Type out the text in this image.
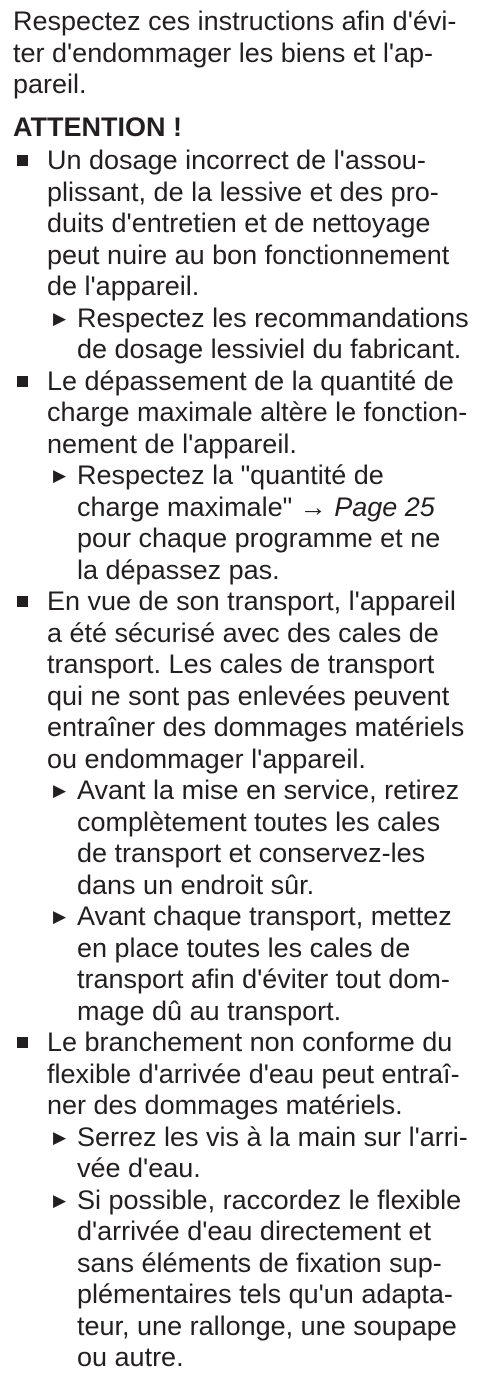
Respectez ces instructions afin d'évi-
ter d'endommager les biens et l'ap-
pareil.

ATTENTION !

Un dosage incorrect de l'assou-
plissant, de la lessive et des pro-
duits d'entretien et de nettoyage
peut nuire au bon fonctionnement
de l'appareil.
▶ Respectez les recommandations
de dosage lessiviel du fabricant.
Le dépassement de la quantité de
charge maximale altère le fonction-
nement de l'appareil.
▶ Respectez la "quantité de
charge maximale" → Page 25
pour chaque programme et ne
la dépassez pas.
En vue de son transport, l'appareil
a été sécurisé avec des cales de
transport. Les cales de transport
qui ne sont pas enlevées peuvent
entraîner des dommages matériels
ou endommager l'appareil.
▶ Avant la mise en service, retirez
complètement toutes les cales
de transport et conservez-les
dans un endroit sûr.
▶ Avant chaque transport, mettez
en place toutes les cales de
transport afin d'éviter tout dom-
mage dû au transport.
Le branchement non conforme du
flexible d'arrivée d'eau peut entraî-
ner des dommages matériels.
▶ Serrez les vis à la main sur l'arri-
vée d'eau.
▶ Si possible, raccordez le flexible
d'arrivée d'eau directement et
sans éléments de fixation sup-
plémentaires tels qu'un adapta-
teur, une rallonge, une soupape
ou autre.
